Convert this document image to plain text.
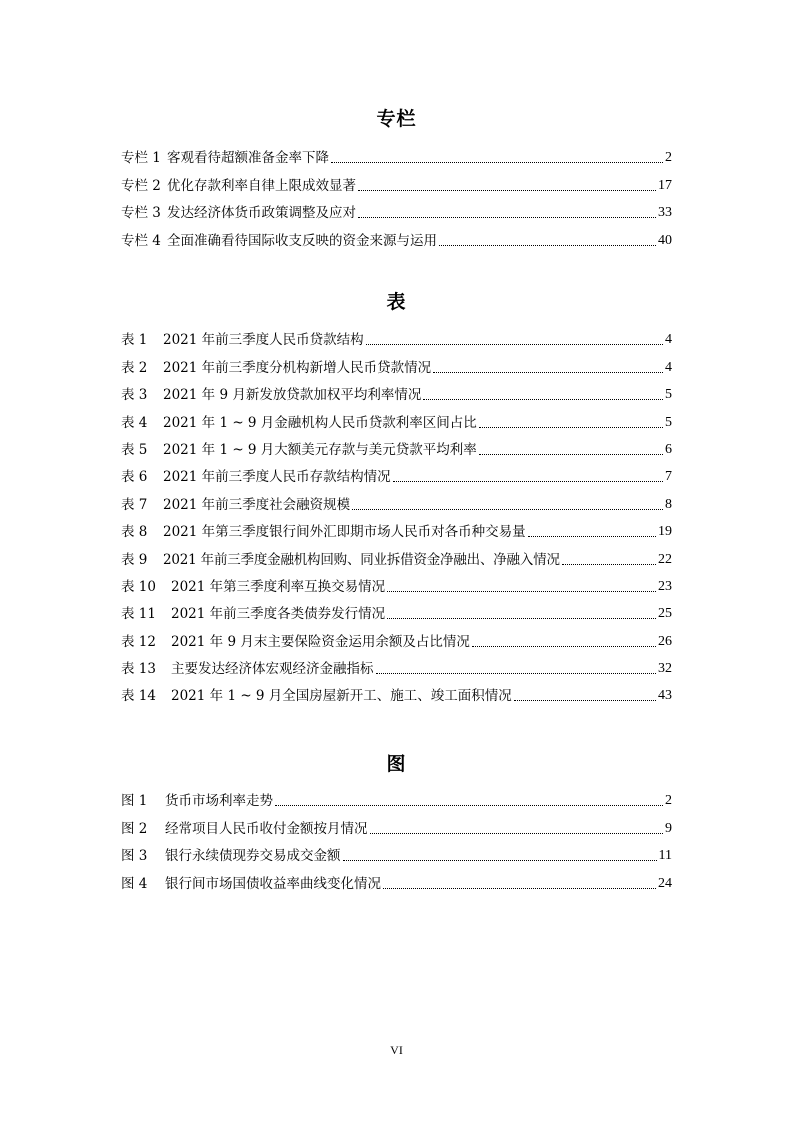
专栏
专栏 1 客观看待超额准备金率下降	2
专栏 2 优化存款利率自律上限成效显著	17
专栏 3 发达经济体货币政策调整及应对	33
专栏 4 全面准确看待国际收支反映的资金来源与运用	40
表
表 1	2021 年前三季度人民币贷款结构	4
表 2	2021 年前三季度分机构新增人民币贷款情况	4
表 3	2021 年 9 月新发放贷款加权平均利率情况	5
表 4	2021 年 1 ~ 9 月金融机构人民币贷款利率区间占比	5
表 5	2021 年 1 ~ 9 月大额美元存款与美元贷款平均利率	6
表 6	2021 年前三季度人民币存款结构情况	7
表 7	2021 年前三季度社会融资规模	8
表 8	2021 年第三季度银行间外汇即期市场人民币对各币种交易量	19
表 9	2021 年前三季度金融机构回购、同业拆借资金净融出、净融入情况	22
表 10	2021 年第三季度利率互换交易情况	23
表 11	2021 年前三季度各类债券发行情况	25
表 12	2021 年 9 月末主要保险资金运用余额及占比情况	26
表 13	主要发达经济体宏观经济金融指标	32
表 14	2021 年 1 ~ 9 月全国房屋新开工、施工、竣工面积情况	43
图
图 1	货币市场利率走势	2
图 2	经常项目人民币收付金额按月情况	9
图 3	银行永续债现券交易成交金额	11
图 4	银行间市场国债收益率曲线变化情况	24
VI
